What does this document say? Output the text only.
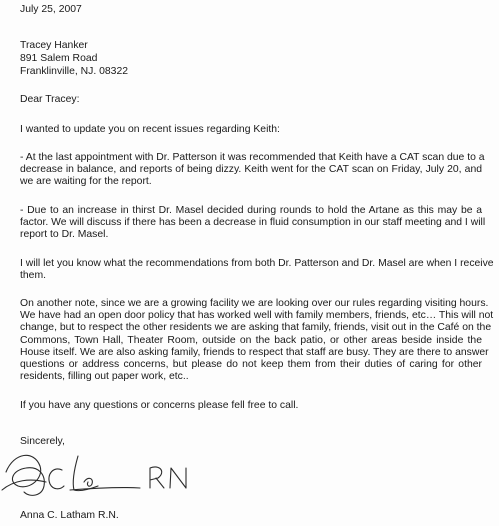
July 25, 2007
Tracey Hanker
891 Salem Road
Franklinville, NJ. 08322
Dear Tracey:
I wanted to update you on recent issues regarding Keith:
- At the last appointment with Dr. Patterson it was recommended that Keith have a CAT scan due to a
decrease in balance, and reports of being dizzy. Keith went for the CAT scan on Friday, July 20, and
we are waiting for the report.
- Due to an increase in thirst Dr. Masel decided during rounds to hold the Artane as this may be a
factor. We will discuss if there has been a decrease in fluid consumption in our staff meeting and I will
report to Dr. Masel.
I will let you know what the recommendations from both Dr. Patterson and Dr. Masel are when I receive
them.
On another note, since we are a growing facility we are looking over our rules regarding visiting hours.
We have had an open door policy that has worked well with family members, friends, etc… This will not
change, but to respect the other residents we are asking that family, friends, visit out in the Café on the
Commons, Town Hall, Theater Room, outside on the back patio, or other areas beside inside the
House itself. We are also asking family, friends to respect that staff are busy. They are there to answer
questions or address concerns, but please do not keep them from their duties of caring for other
residents, filling out paper work, etc..
If you have any questions or concerns please fell free to call.
Sincerely,
Anna C. Latham R.N.
